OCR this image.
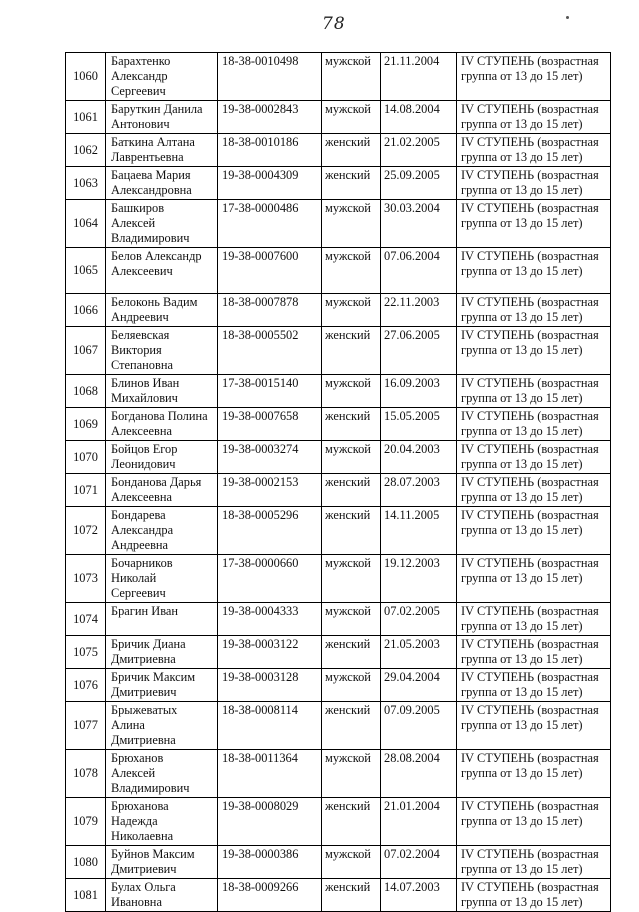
78
1060	Барахтенко
Александр
Сергеевич	18-38-0010498	мужской	21.11.2004	IV СТУПЕНЬ (возрастная
группа от 13 до 15 лет)

1061	Баруткин Данила
Антонович	19-38-0002843	мужской	14.08.2004	IV СТУПЕНЬ (возрастная
группа от 13 до 15 лет)

1062	Баткина Алтана
Лаврентьевна	18-38-0010186	женский	21.02.2005	IV СТУПЕНЬ (возрастная
группа от 13 до 15 лет)

1063	Бацаева Мария
Александровна	19-38-0004309	женский	25.09.2005	IV СТУПЕНЬ (возрастная
группа от 13 до 15 лет)

1064	Башкиров
Алексей
Владимирович	17-38-0000486	мужской	30.03.2004	IV СТУПЕНЬ (возрастная
группа от 13 до 15 лет)

1065	Белов Александр
Алексеевич	19-38-0007600	мужской	07.06.2004	IV СТУПЕНЬ (возрастная
группа от 13 до 15 лет)

1066	Белоконь Вадим
Андреевич	18-38-0007878	мужской	22.11.2003	IV СТУПЕНЬ (возрастная
группа от 13 до 15 лет)

1067	Беляевская
Виктория
Степановна	18-38-0005502	женский	27.06.2005	IV СТУПЕНЬ (возрастная
группа от 13 до 15 лет)

1068	Блинов Иван
Михайлович	17-38-0015140	мужской	16.09.2003	IV СТУПЕНЬ (возрастная
группа от 13 до 15 лет)

1069	Богданова Полина
Алексеевна	19-38-0007658	женский	15.05.2005	IV СТУПЕНЬ (возрастная
группа от 13 до 15 лет)

1070	Бойцов Егор
Леонидович	19-38-0003274	мужской	20.04.2003	IV СТУПЕНЬ (возрастная
группа от 13 до 15 лет)

1071	Бонданова Дарья
Алексеевна	19-38-0002153	женский	28.07.2003	IV СТУПЕНЬ (возрастная
группа от 13 до 15 лет)

1072	Бондарева
Александра
Андреевна	18-38-0005296	женский	14.11.2005	IV СТУПЕНЬ (возрастная
группа от 13 до 15 лет)

1073	Бочарников
Николай
Сергеевич	17-38-0000660	мужской	19.12.2003	IV СТУПЕНЬ (возрастная
группа от 13 до 15 лет)

1074	Брагин Иван	19-38-0004333	мужской	07.02.2005	IV СТУПЕНЬ (возрастная
группа от 13 до 15 лет)

1075	Бричик Диана
Дмитриевна	19-38-0003122	женский	21.05.2003	IV СТУПЕНЬ (возрастная
группа от 13 до 15 лет)

1076	Бричик Максим
Дмитриевич	19-38-0003128	мужской	29.04.2004	IV СТУПЕНЬ (возрастная
группа от 13 до 15 лет)

1077	Брыжеватых
Алина
Дмитриевна	18-38-0008114	женский	07.09.2005	IV СТУПЕНЬ (возрастная
группа от 13 до 15 лет)

1078	Брюханов
Алексей
Владимирович	18-38-0011364	мужской	28.08.2004	IV СТУПЕНЬ (возрастная
группа от 13 до 15 лет)

1079	Брюханова
Надежда
Николаевна	19-38-0008029	женский	21.01.2004	IV СТУПЕНЬ (возрастная
группа от 13 до 15 лет)

1080	Буйнов Максим
Дмитриевич	19-38-0000386	мужской	07.02.2004	IV СТУПЕНЬ (возрастная
группа от 13 до 15 лет)

1081	Булах Ольга
Ивановна	18-38-0009266	женский	14.07.2003	IV СТУПЕНЬ (возрастная
группа от 13 до 15 лет)
